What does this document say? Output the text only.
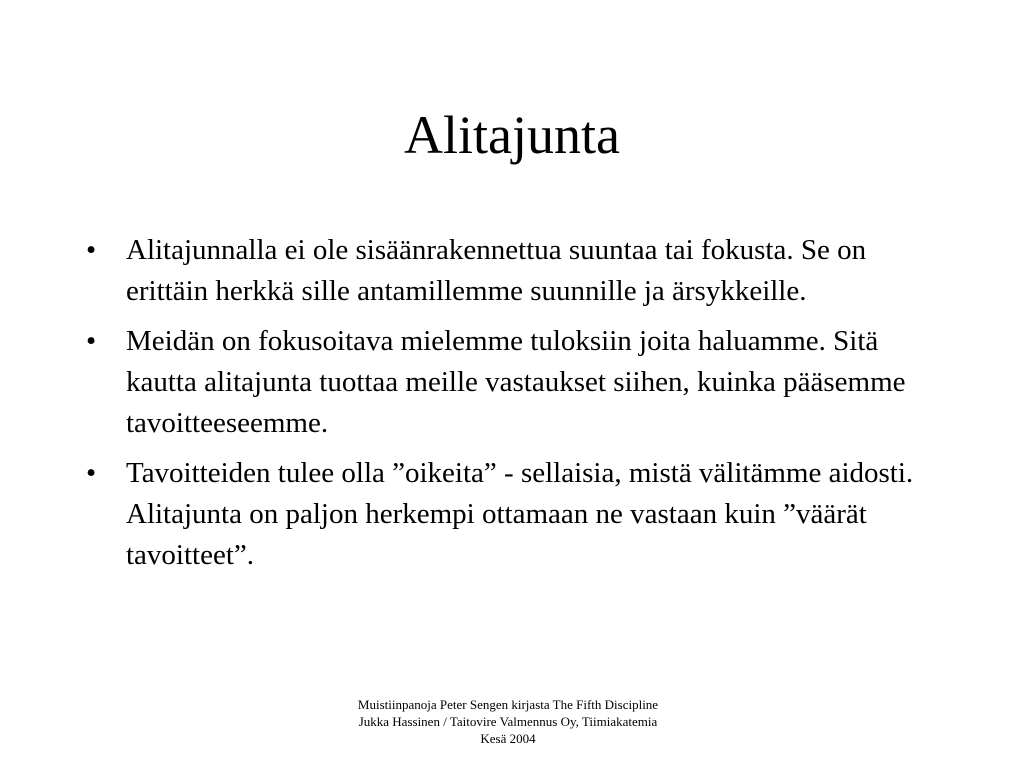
Alitajunta
• Alitajunnalla ei ole sisäänrakennettua suuntaa tai fokusta. Se on erittäin herkkä sille antamillemme suunnille ja ärsykkeille.
• Meidän on fokusoitava mielemme tuloksiin joita haluamme. Sitä kautta alitajunta tuottaa meille vastaukset siihen, kuinka pääsemme tavoitteeseemme.
• Tavoitteiden tulee olla ”oikeita” - sellaisia, mistä välitämme aidosti. Alitajunta on paljon herkempi ottamaan ne vastaan kuin ”väärät tavoitteet”.
Muistiinpanoja Peter Sengen kirjasta The Fifth Discipline
Jukka Hassinen / Taitovire Valmennus Oy, Tiimiakatemia
Kesä 2004
